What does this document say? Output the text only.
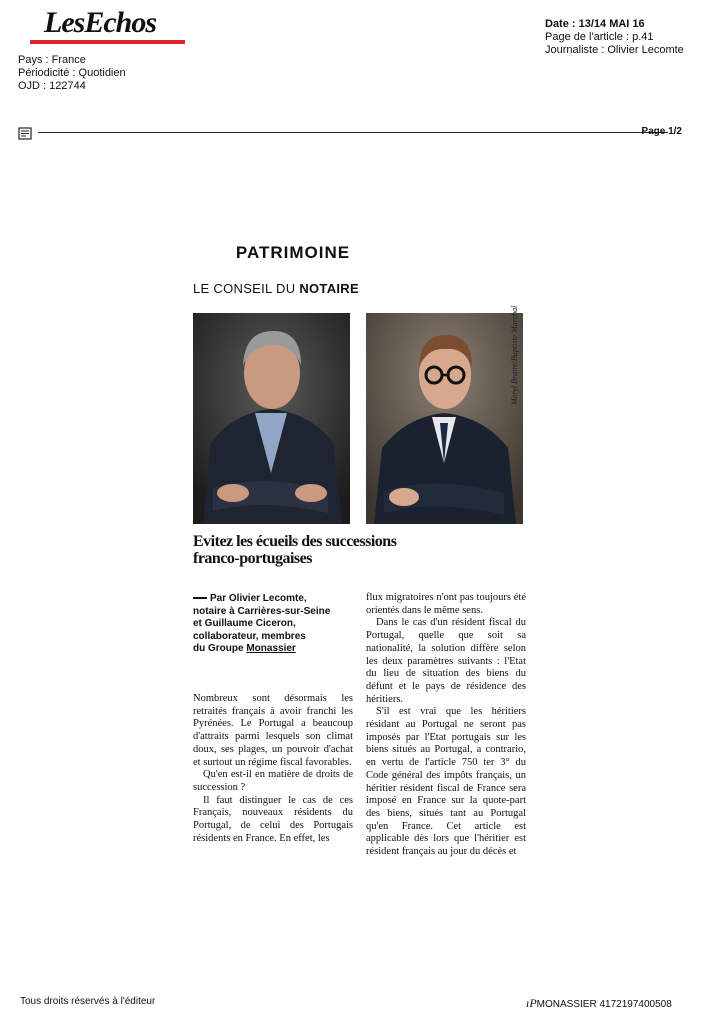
LesEchos
Pays : France
Périodicité : Quotidien
OJD : 122744
Date : 13/14 MAI 16
Page de l'article : p.41
Journaliste : Olivier Lecomte
Page 1/2
PATRIMOINE
LE CONSEIL DU NOTAIRE
Meryl Braire/Baptiste Marchal
Evitez les écueils des successions
franco-portugaises
Par Olivier Lecomte,
notaire à Carrières-sur-Seine
et Guillaume Ciceron,
collaborateur, membres
du Groupe Monassier

Nombreux sont désormais les retraités français à avoir franchi les Pyrénées. Le Portugal a beaucoup d'attraits parmi lesquels son climat doux, ses plages, un pouvoir d'achat et surtout un régime fiscal favorables.

Qu'en est-il en matière de droits de succession ?

Il faut distinguer le cas de ces Français, nouveaux résidents du Portugal, de celui des Portugais résidents en France. En effet, les

flux migratoires n'ont pas toujours été orientés dans le même sens.

Dans le cas d'un résident fiscal du Portugal, quelle que soit sa nationalité, la solution diffère selon les deux paramètres suivants : l'Etat du lieu de situation des biens du défunt et le pays de résidence des héritiers.

S'il est vrai que les héritiers résidant au Portugal ne seront pas imposés par l'Etat portugais sur les biens situés au Portugal, a contrario, en vertu de l'article 750 ter 3° du Code général des impôts français, un héritier résident fiscal de France sera imposé en France sur la quote-part des biens, situés tant au Portugal qu'en France. Cet article est applicable dès lors que l'héritier est résident français au jour du décès et

Tous droits réservés à l'éditeur	ıPMONASSIER 4172197400508
